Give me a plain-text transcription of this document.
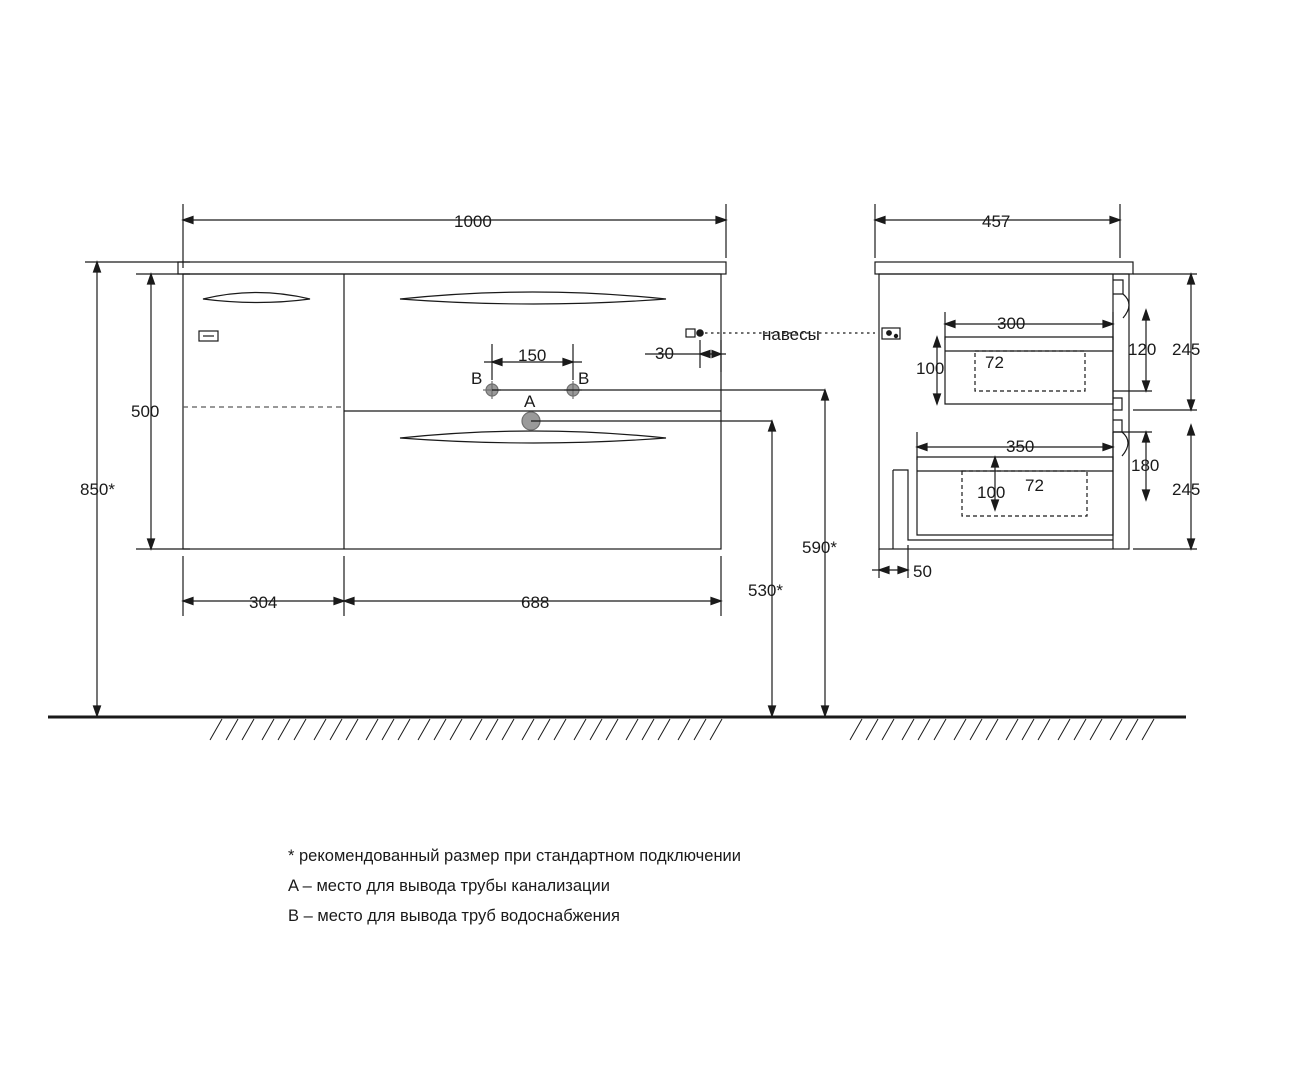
1000
500
850*
150	30
304	688
530*
590*
B	B
A
навесы
300
100 72
120 245
350
100 72
180
245
50
457
* рекомендованный размер при стандартном подключении
A – место для вывода трубы канализации
B – место для вывода труб водоснабжения
